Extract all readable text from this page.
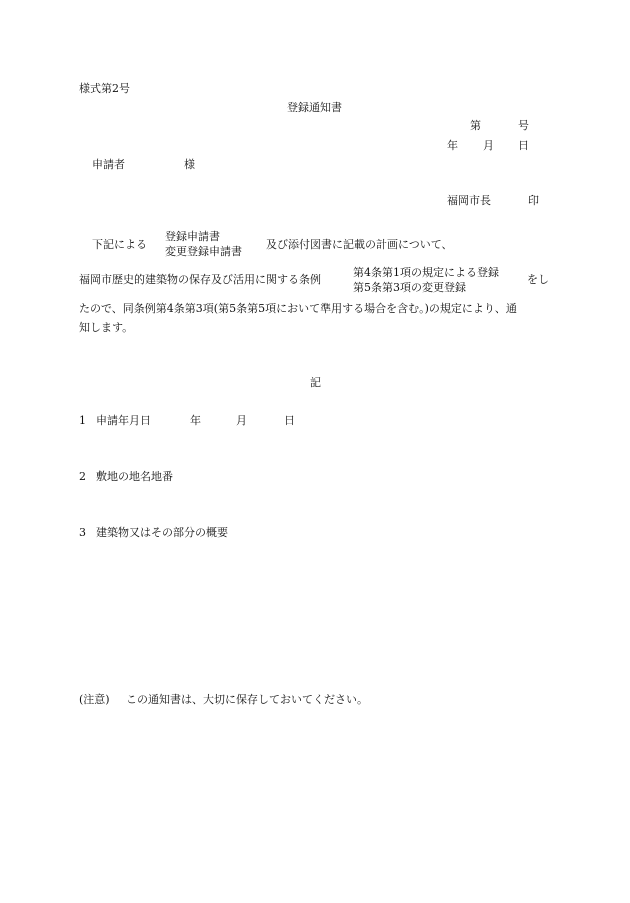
様式第2号
登録通知書
第	号
年 月 日
申請者	様
福岡市長	印
下記による
登録申請書
変更登録申請書
及び添付図書に記載の計画について、
福岡市歴史的建築物の保存及び活用に関する条例
第4条第1項の規定による登録
第5条第3項の変更登録
をし
たので、同条例第4条第3項(第5条第5項において準用する場合を含む。)の規定により、通
知します。
記
1 申請年月日	年	月	日
2 敷地の地名地番
3 建築物又はその部分の概要
(注意) この通知書は、大切に保存しておいてください。
